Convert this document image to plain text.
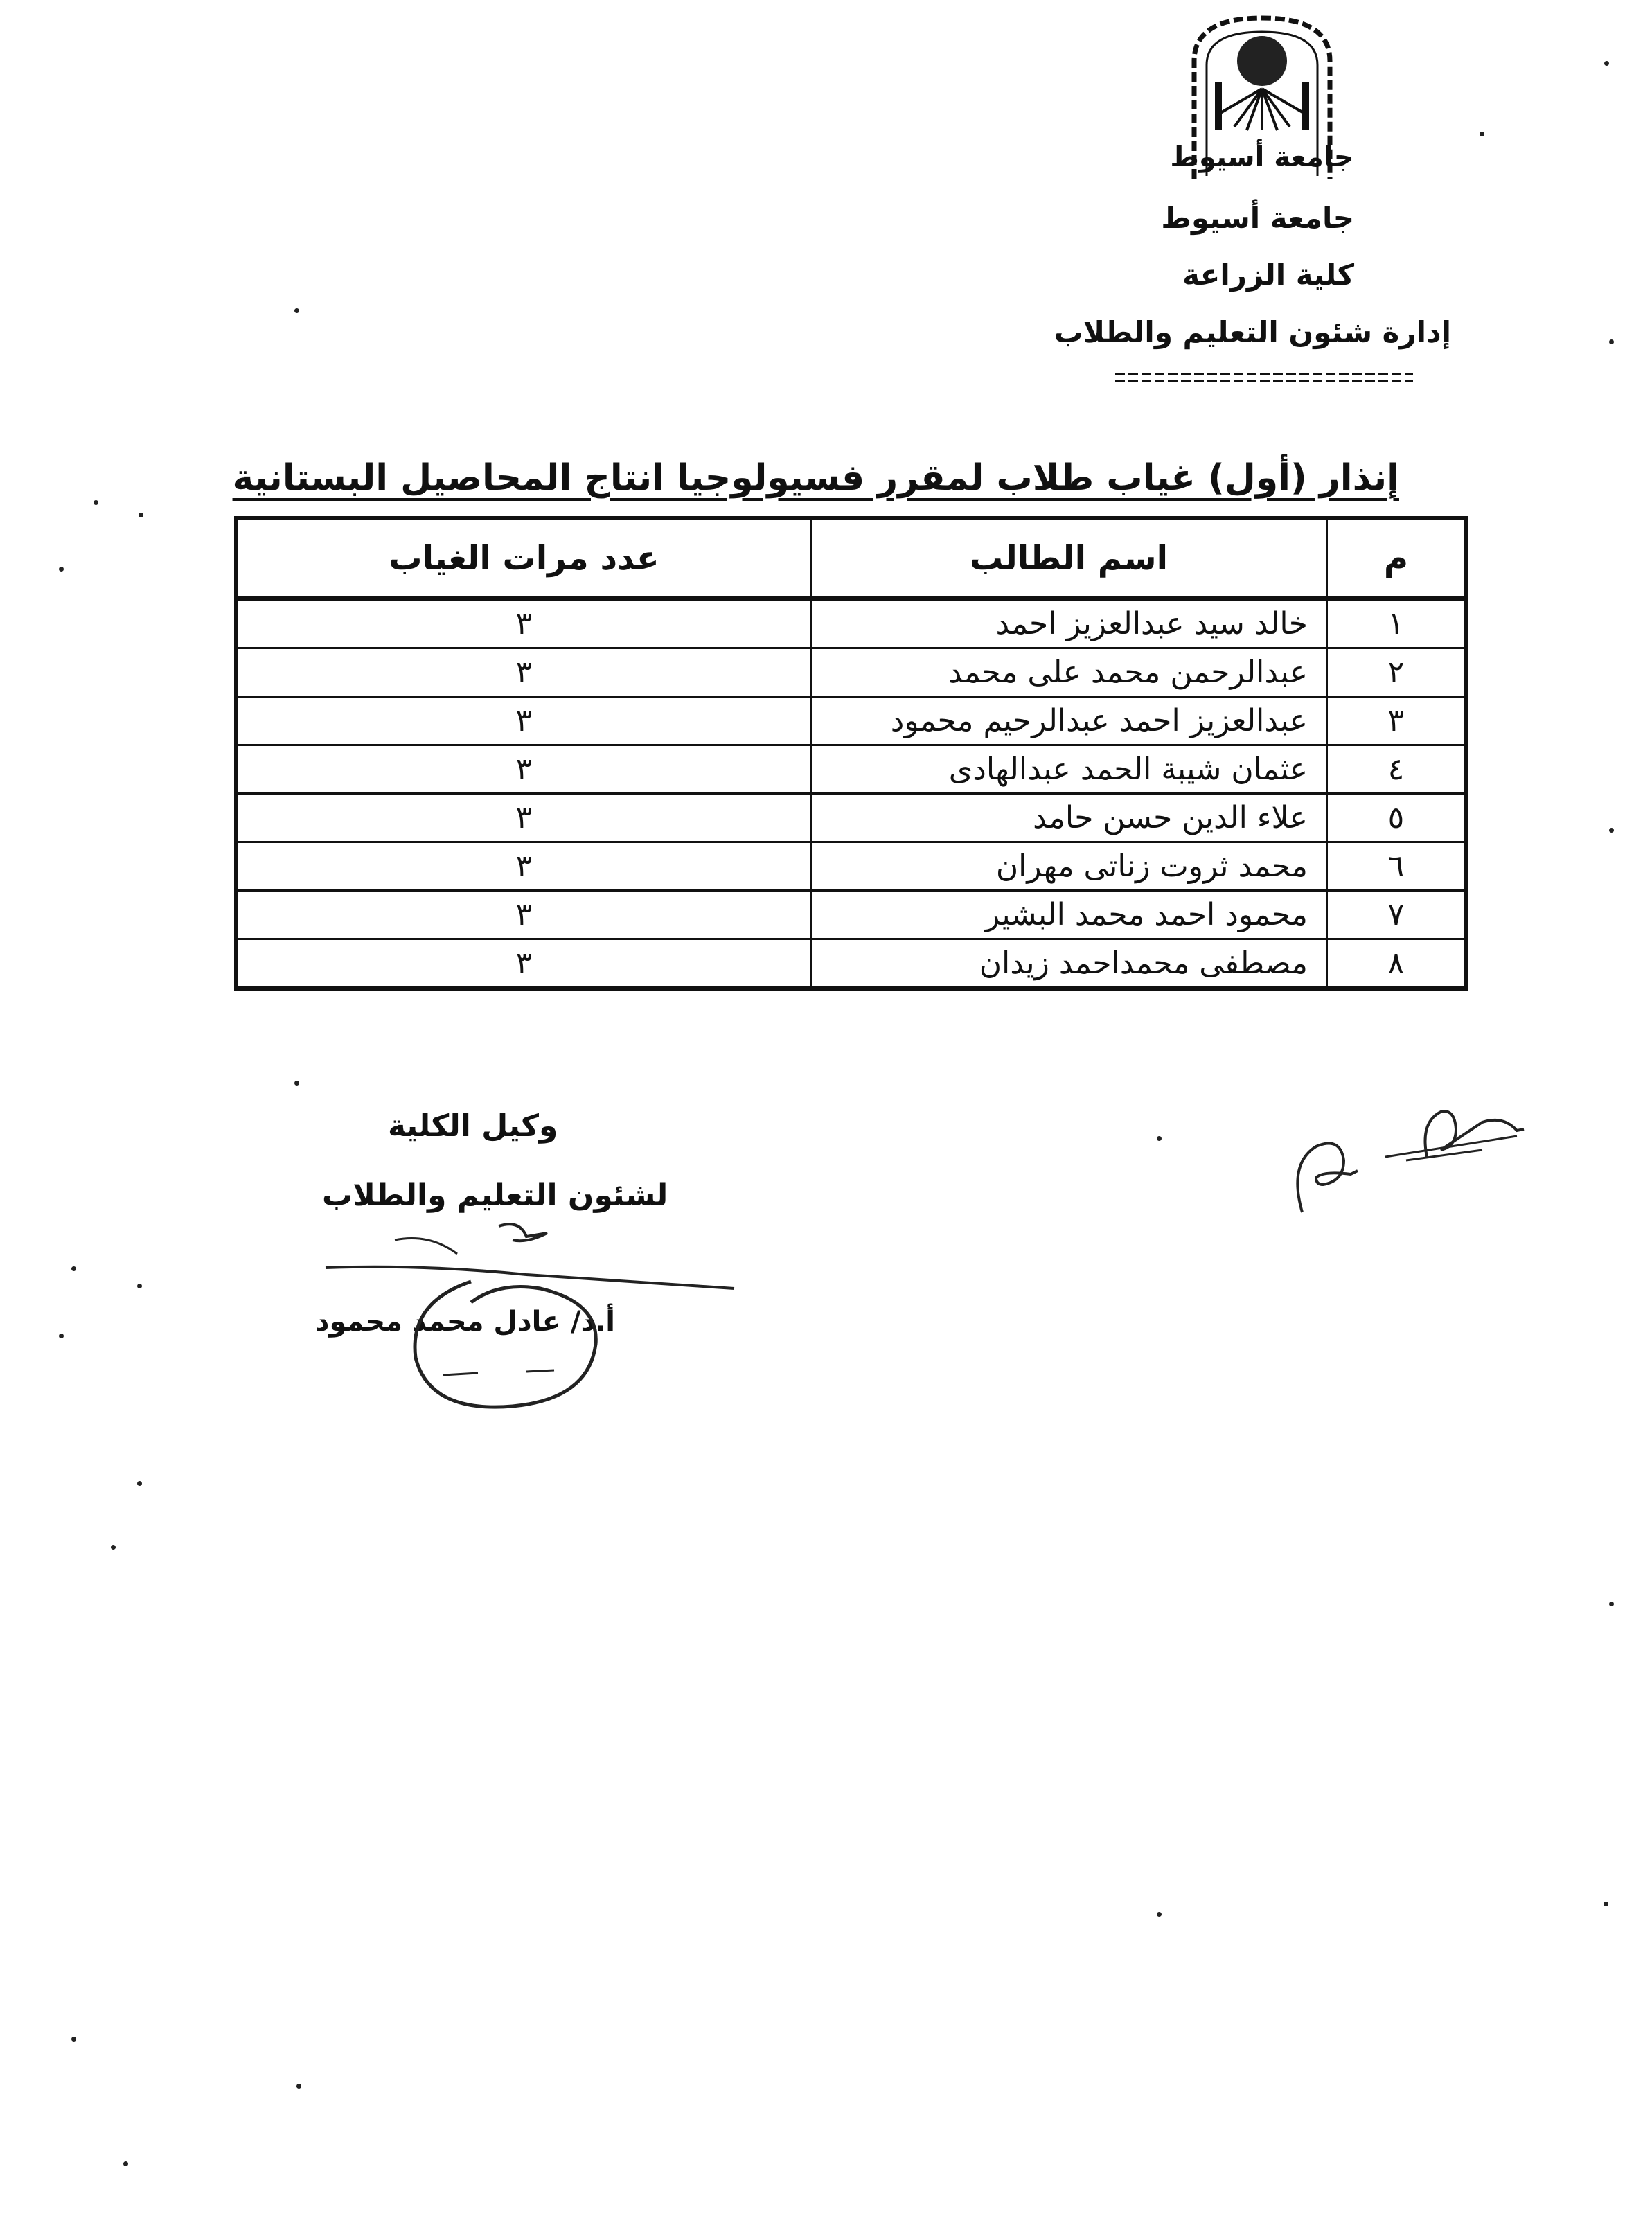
جامعة أسيوط
جامعة أسيوط
كلية الزراعة
إدارة شئون التعليم والطلاب
إنذار (أول) غياب طلاب لمقرر فسيولوجيا انتاج المحاصيل البستانية
م	اسم الطالب	عدد مرات الغياب
١	خالد سيد عبدالعزيز احمد	٣
٢	عبدالرحمن محمد على محمد	٣
٣	عبدالعزيز احمد عبدالرحيم محمود	٣
٤	عثمان شيبة الحمد عبدالهادى	٣
٥	علاء الدين حسن حامد	٣
٦	محمد ثروت زناتى مهران	٣
٧	محمود احمد محمد البشير	٣
٨	مصطفى محمداحمد زيدان	٣
وكيل الكلية
لشئون التعليم والطلاب
أ.د/ عادل محمد محمود
